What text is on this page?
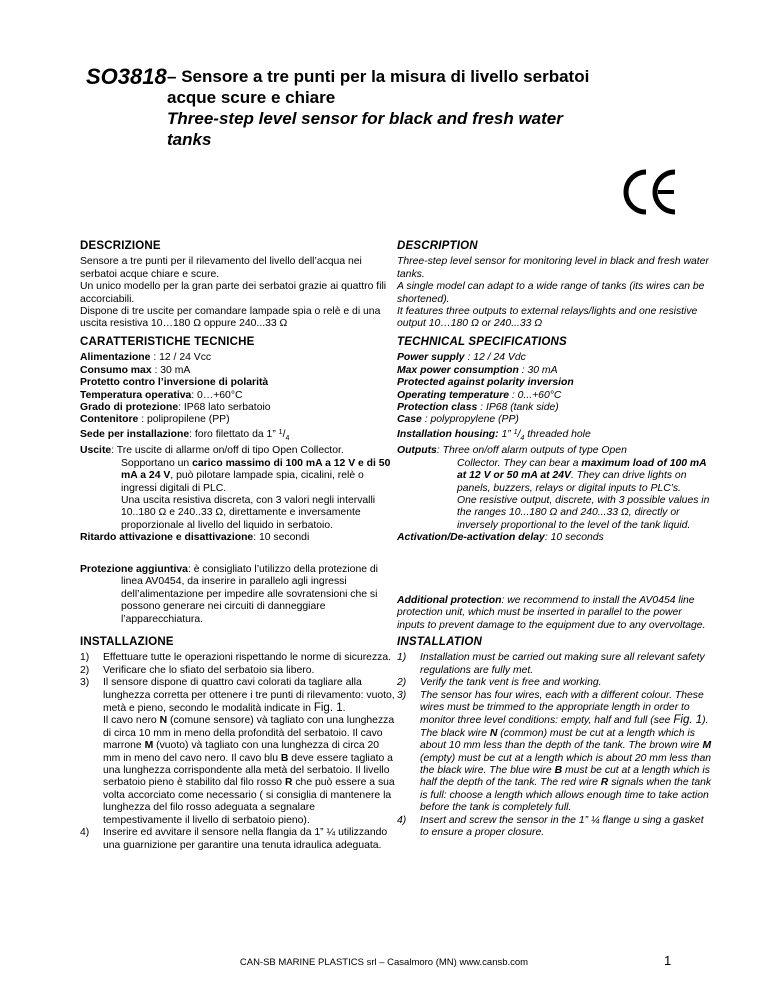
SO3818 – Sensore a tre punti per la misura di livello serbatoi
acque scure e chiare
Three-step level sensor for black and fresh water
tanks
DESCRIZIONE

Sensore a tre punti per il rilevamento del livello dell’acqua nei serbatoi acque chiare e scure.

Un unico modello per la gran parte dei serbatoi grazie ai quattro fili accorciabili.

Dispone di tre uscite per comandare lampade spia o relè e di una uscita resistiva 10…180 Ω oppure 240...33 Ω

CARATTERISTICHE TECNICHE

Alimentazione : 12 / 24 Vcc

Consumo max : 30 mA

Protetto contro l’inversione di polarità

Temperatura operativa: 0…+60°C

Grado di protezione: IP68 lato serbatoio

Contenitore : polipropilene (PP)

Sede per installazione: foro filettato da 1” $^1/_4$

Uscite: Tre uscite di allarme on/off di tipo Open Collector.

Sopportano un carico massimo di 100 mA a 12 V e di 50 mA a 24 V, può pilotare lampade spia, cicalini, relè o ingressi digitali di PLC.

Una uscita resistiva discreta, con 3 valori negli intervalli 10..180 Ω e 240..33 Ω, direttamente e inversamente proporzionale al livello del liquido in serbatoio.

Ritardo attivazione e disattivazione: 10 secondi

Protezione aggiuntiva: è consigliato l’utilizzo della protezione di linea AV0454, da inserire in parallelo agli ingressi dell’alimentazione per impedire alle sovratensioni che si possono generare nei circuiti di danneggiare l’apparecchiatura.

INSTALLAZIONE
1) Effettuare tutte le operazioni rispettando le norme di sicurezza.
2) Verificare che lo sfiato del serbatoio sia libero.
3) Il sensore dispone di quattro cavi colorati da tagliare alla lunghezza corretta per ottenere i tre punti di rilevamento: vuoto, metà e pieno, secondo le modalità indicate in Fig. 1.
Il cavo nero N (comune sensore) và tagliato con una lunghezza di circa 10 mm in meno della profondità del serbatoio. Il cavo marrone M (vuoto) và tagliato con una lunghezza di circa 20 mm in meno del cavo nero. Il cavo blu B deve essere tagliato a una lunghezza corrispondente alla metà del serbatoio. Il livello serbatoio pieno è stabilito dal filo rosso R che può essere a sua volta accorciato come necessario ( si consiglia di mantenere la lunghezza del filo rosso adeguata a segnalare tempestivamente il livello di serbatoio pieno).
4) Inserire ed avvitare il sensore nella flangia da 1” ¼ utilizzando una guarnizione per garantire una tenuta idraulica adeguata.
DESCRIPTION

Three-step level sensor for monitoring level in black and fresh water tanks.

A single model can adapt to a wide range of tanks (its wires can be shortened).

It features three outputs to external relays/lights and one resistive output 10…180 Ω or 240...33 Ω

TECHNICAL SPECIFICATIONS

Power supply : 12 / 24 Vdc

Max power consumption : 30 mA

Protected against polarity inversion

Operating temperature : 0...+60°C

Protection class : IP68 (tank side)

Case : polypropylene (PP)

Installation housing: 1” $^1/_4$ threaded hole

Outputs: Three on/off alarm outputs of type Open

Collector. They can bear a maximum load of 100 mA at 12 V or 50 mA at 24V. They can drive lights on panels, buzzers, relays or digital inputs to PLC’s.

One resistive output, discrete, with 3 possible values in the ranges 10...180 Ω and 240...33 Ω, directly or inversely proportional to the level of the tank liquid.

Activation/De-activation delay: 10 seconds

Additional protection: we recommend to install the AV0454 line protection unit, which must be inserted in parallel to the power inputs to prevent damage to the equipment due to any overvoltage.

INSTALLATION
1) Installation must be carried out making sure all relevant safety regulations are fully met.
2) Verify the tank vent is free and working.
3) The sensor has four wires, each with a different colour. These wires must be trimmed to the appropriate length in order to monitor three level conditions: empty, half and full (see Fig. 1).
The black wire N (common) must be cut at a length which is about 10 mm less than the depth of the tank. The brown wire M (empty) must be cut at a length which is about 20 mm less than the black wire. The blue wire B must be cut at a length which is half the depth of the tank. The red wire R signals when the tank is full: choose a length which allows enough time to take action before the tank is completely full.
4) Insert and screw the sensor in the 1” ¼ flange u sing a gasket to ensure a proper closure.
CAN-SB MARINE PLASTICS srl – Casalmoro (MN) www.cansb.com	1
